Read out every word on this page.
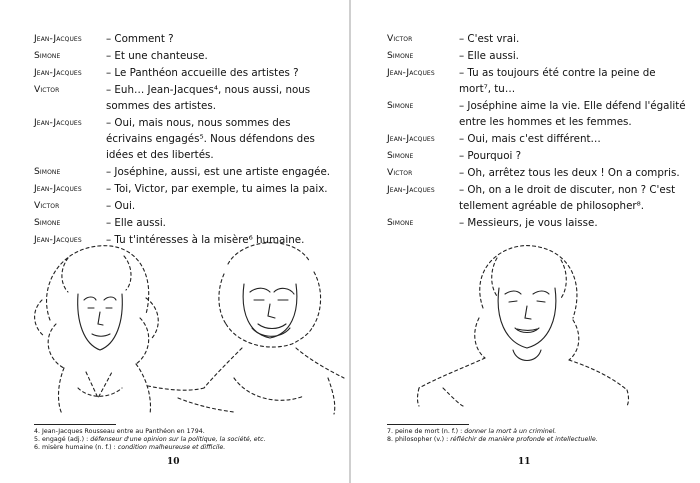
Jean-Jacques	– Comment ?
Simone	– Et une chanteuse.
Jean-Jacques	– Le Panthéon accueille des artistes ?
Victor	– Euh… Jean-Jacques⁴, nous aussi, nous sommes des artistes.
Jean-Jacques	– Oui, mais nous, nous sommes des écrivains engagés⁵. Nous défendons des idées et des libertés.
Simone	– Joséphine, aussi, est une artiste engagée.
Jean-Jacques	– Toi, Victor, par exemple, tu aimes la paix.
Victor	– Oui.
Simone	– Elle aussi.
Jean-Jacques	– Tu t'intéresses à la misère⁶ humaine.
4. Jean-Jacques Rousseau entre au Panthéon en 1794.
5. engagé (adj.) : défenseur d'une opinion sur la politique, la société, etc.
6. misère humaine (n. f.) : condition malheureuse et difficile.
10
Victor	– C'est vrai.
Simone	– Elle aussi.
Jean-Jacques	– Tu as toujours été contre la peine de mort⁷, tu…
Simone	– Joséphine aime la vie. Elle défend l'égalité entre les hommes et les femmes.
Jean-Jacques	– Oui, mais c'est différent…
Simone	– Pourquoi ?
Victor	– Oh, arrêtez tous les deux ! On a compris.
Jean-Jacques	– Oh, on a le droit de discuter, non ? C'est tellement agréable de philosopher⁸.
Simone	– Messieurs, je vous laisse.
7. peine de mort (n. f.) : donner la mort à un criminel.
8. philosopher (v.) : réfléchir de manière profonde et intellectuelle.
11
